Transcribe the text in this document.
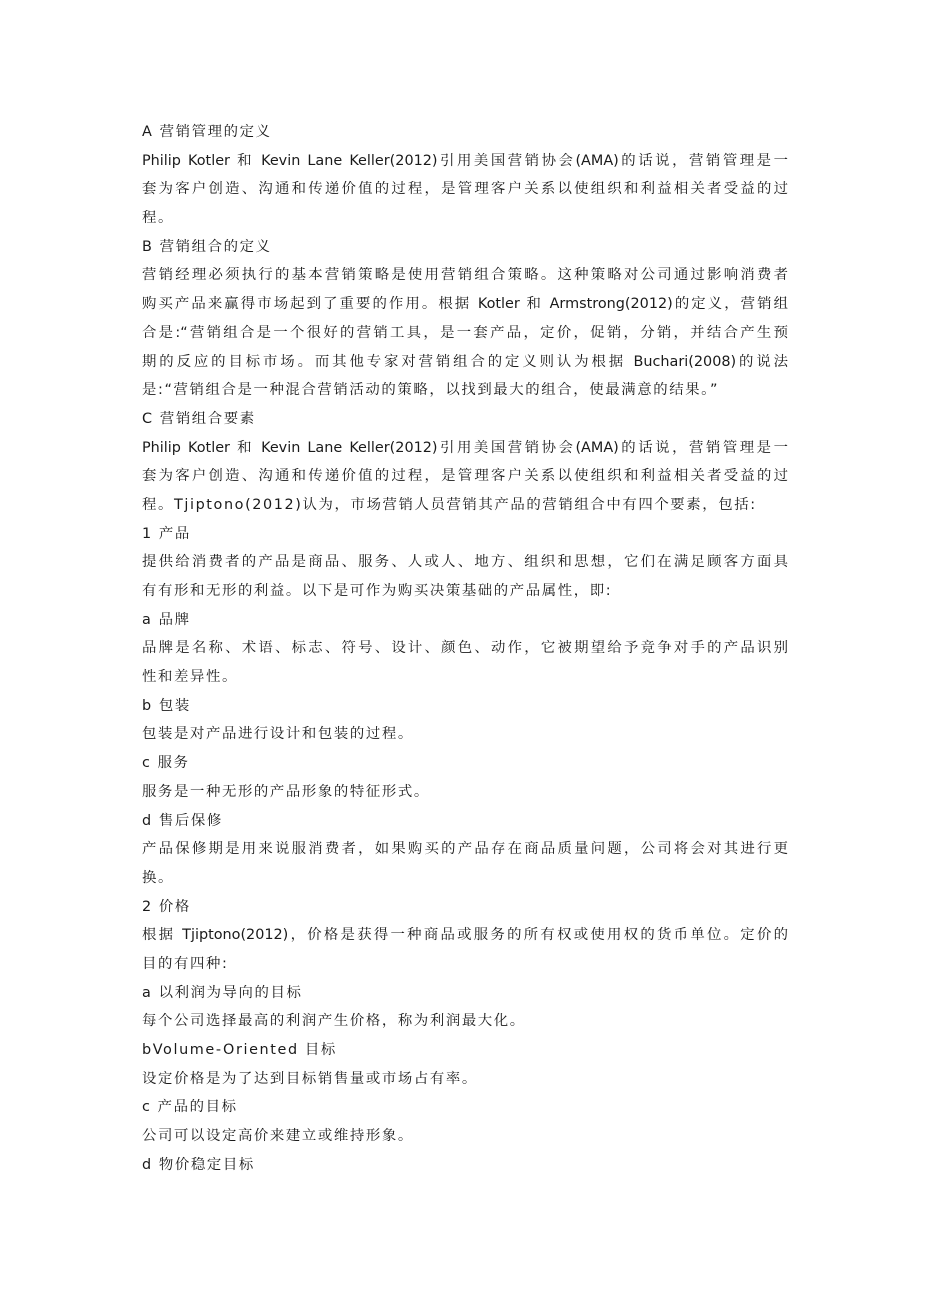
A 营销管理的定义
Philip Kotler 和 Kevin Lane Keller(2012)引用美国营销协会(AMA)的话说，营销管理是一
套为客户创造、沟通和传递价值的过程，是管理客户关系以使组织和利益相关者受益的过
程。
B 营销组合的定义
营销经理必须执行的基本营销策略是使用营销组合策略。这种策略对公司通过影响消费者
购买产品来赢得市场起到了重要的作用。根据 Kotler 和 Armstrong(2012)的定义，营销组
合是:“营销组合是一个很好的营销工具，是一套产品，定价，促销，分销，并结合产生预
期的反应的目标市场。而其他专家对营销组合的定义则认为根据 Buchari(2008)的说法
是:“营销组合是一种混合营销活动的策略，以找到最大的组合，使最满意的结果。”
C 营销组合要素
Philip Kotler 和 Kevin Lane Keller(2012)引用美国营销协会(AMA)的话说，营销管理是一
套为客户创造、沟通和传递价值的过程，是管理客户关系以使组织和利益相关者受益的过
程。Tjiptono(2012)认为，市场营销人员营销其产品的营销组合中有四个要素，包括:
1 产品
提供给消费者的产品是商品、服务、人或人、地方、组织和思想，它们在满足顾客方面具
有有形和无形的利益。以下是可作为购买决策基础的产品属性，即:
a 品牌
品牌是名称、术语、标志、符号、设计、颜色、动作，它被期望给予竞争对手的产品识别
性和差异性。
b 包装
包装是对产品进行设计和包装的过程。
c 服务
服务是一种无形的产品形象的特征形式。
d 售后保修
产品保修期是用来说服消费者，如果购买的产品存在商品质量问题，公司将会对其进行更
换。
2 价格
根据 Tjiptono(2012)，价格是获得一种商品或服务的所有权或使用权的货币单位。定价的
目的有四种:
a 以利润为导向的目标
每个公司选择最高的利润产生价格，称为利润最大化。
bVolume-Oriented 目标
设定价格是为了达到目标销售量或市场占有率。
c 产品的目标
公司可以设定高价来建立或维持形象。
d 物价稳定目标
